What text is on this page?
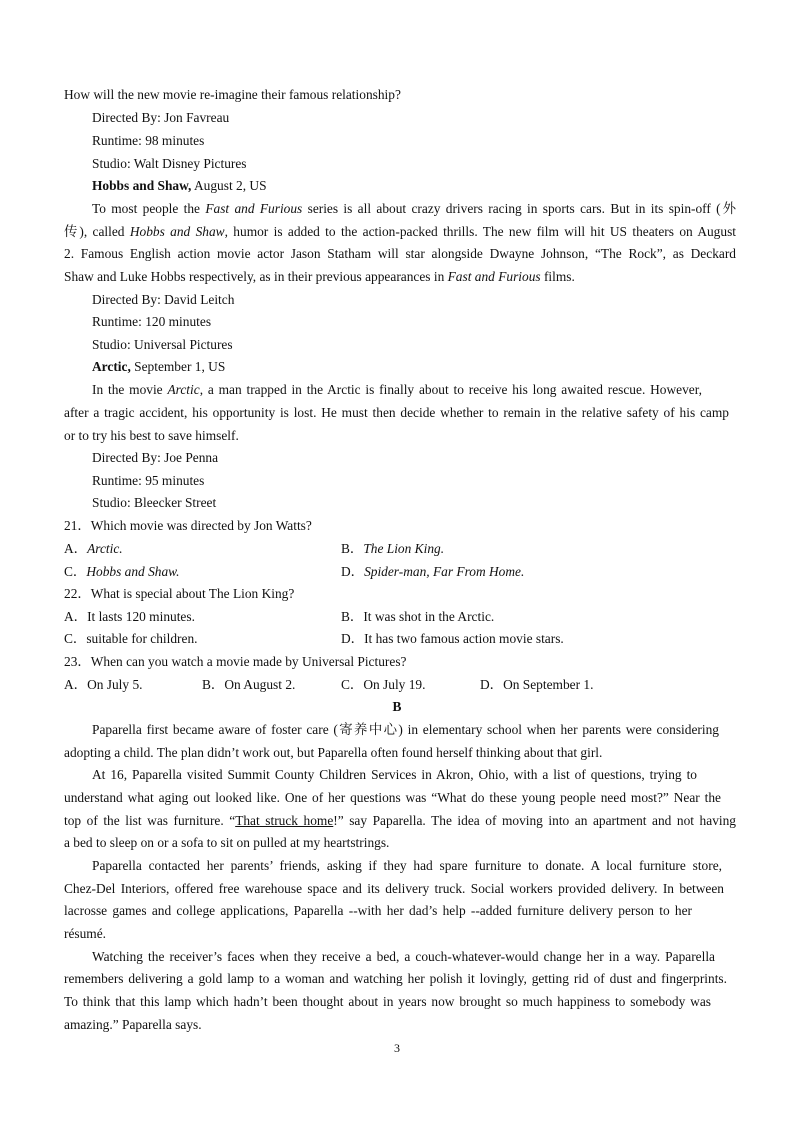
How will the new movie re-imagine their famous relationship?
Directed By: Jon Favreau
Runtime: 98 minutes
Studio: Walt Disney Pictures
Hobbs and Shaw, August 2, US
To most people the Fast and Furious series is all about crazy drivers racing in sports cars. But in its spin-off (外
传), called Hobbs and Shaw, humor is added to the action-packed thrills. The new film will hit US theaters on August
2. Famous English action movie actor Jason Statham will star alongside Dwayne Johnson, “The Rock”, as Deckard
Shaw and Luke Hobbs respectively, as in their previous appearances in Fast and Furious films.
Directed By: David Leitch
Runtime: 120 minutes
Studio: Universal Pictures
Arctic, September 1, US
In the movie Arctic, a man trapped in the Arctic is finally about to receive his long awaited rescue. However,
after a tragic accident, his opportunity is lost. He must then decide whether to remain in the relative safety of his camp
or to try his best to save himself.
Directed By: Joe Penna
Runtime: 95 minutes
Studio: Bleecker Street
21．Which movie was directed by Jon Watts?
A．Arctic.	B．The Lion King.
C．Hobbs and Shaw.	D．Spider-man, Far From Home.
22．What is special about The Lion King?
A．It lasts 120 minutes.	B．It was shot in the Arctic.
C．suitable for children.	D．It has two famous action movie stars.
23．When can you watch a movie made by Universal Pictures?
A．On July 5.	B．On August 2.	C．On July 19.	D．On September 1.
B
Paparella first became aware of foster care (寄养中心) in elementary school when her parents were considering
adopting a child. The plan didn’t work out, but Paparella often found herself thinking about that girl.
At 16, Paparella visited Summit County Children Services in Akron, Ohio, with a list of questions, trying to
understand what aging out looked like. One of her questions was “What do these young people need most?” Near the
top of the list was furniture. “That struck home!” say Paparella. The idea of moving into an apartment and not having
a bed to sleep on or a sofa to sit on pulled at my heartstrings.
Paparella contacted her parents’ friends, asking if they had spare furniture to donate. A local furniture store,
Chez-Del Interiors, offered free warehouse space and its delivery truck. Social workers provided delivery. In between
lacrosse games and college applications, Paparella --with her dad’s help --added furniture delivery person to her
résumé.
Watching the receiver’s faces when they receive a bed, a couch-whatever-would change her in a way. Paparella
remembers delivering a gold lamp to a woman and watching her polish it lovingly, getting rid of dust and fingerprints.
To think that this lamp which hadn’t been thought about in years now brought so much happiness to somebody was
amazing.” Paparella says.
3
